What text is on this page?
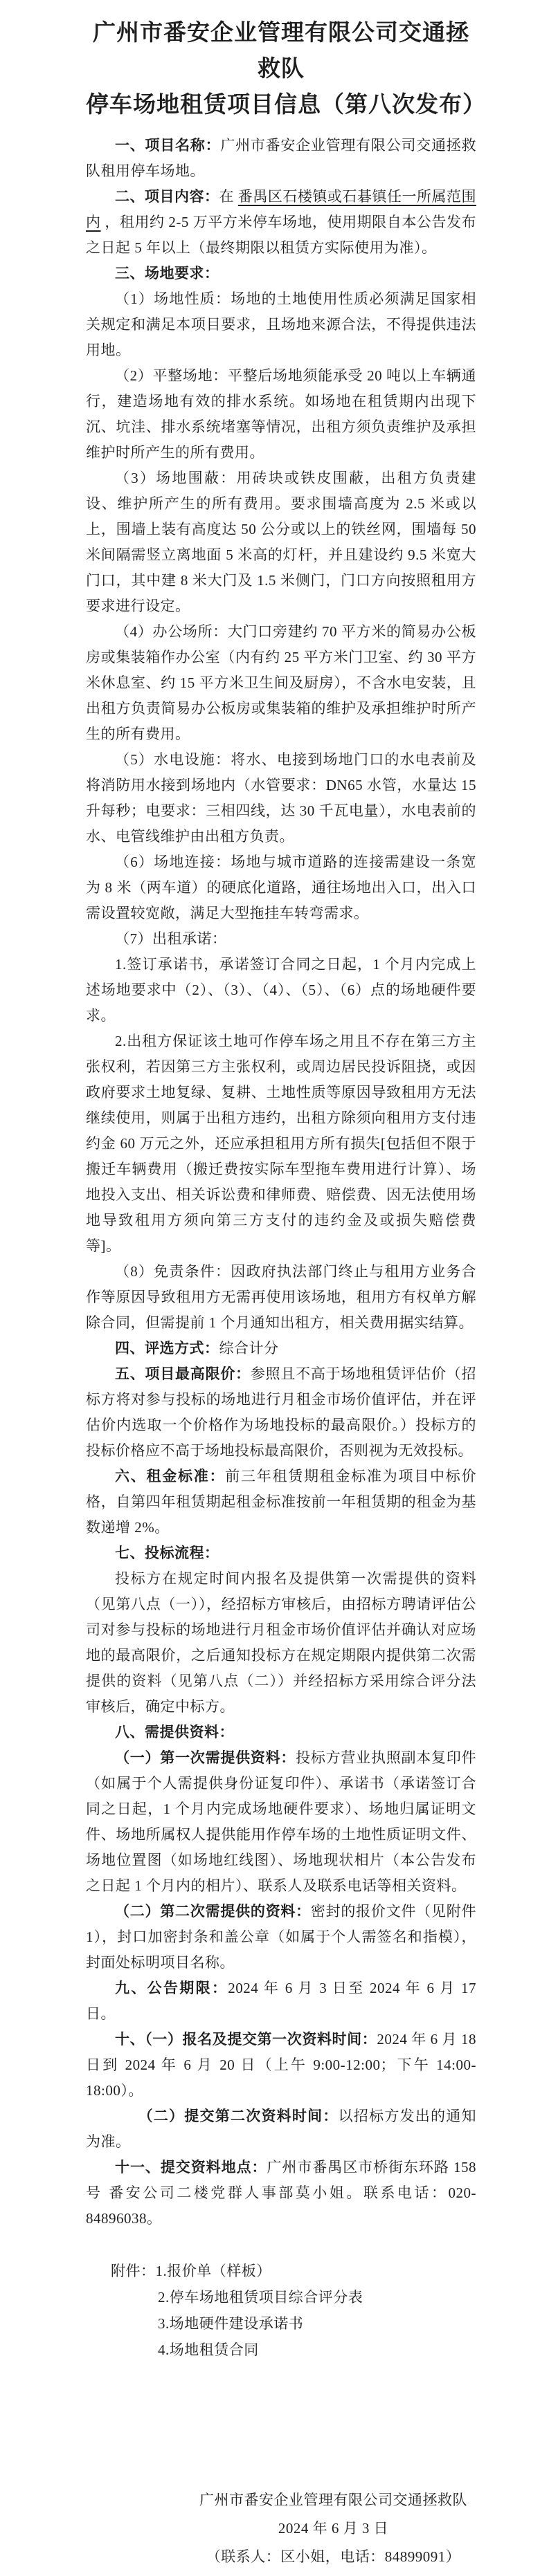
广州市番安企业管理有限公司交通拯救队
停车场地租赁项目信息（第八次发布）

一、项目名称：广州市番安企业管理有限公司交通拯救队租用停车场地。

二、项目内容：在 番禺区石楼镇或石碁镇任一所属范围内 ，租用约 2-5 万平方米停车场地，使用期限自本公告发布之日起 5 年以上（最终期限以租赁方实际使用为准）。

三、场地要求：

（1）场地性质：场地的土地使用性质必须满足国家相关规定和满足本项目要求，且场地来源合法，不得提供违法用地。

（2）平整场地：平整后场地须能承受 20 吨以上车辆通行，建造场地有效的排水系统。如场地在租赁期内出现下沉、坑洼、排水系统堵塞等情况，出租方须负责维护及承担维护时所产生的所有费用。

（3）场地围蔽：用砖块或铁皮围蔽，出租方负责建设、维护所产生的所有费用。要求围墙高度为 2.5 米或以上，围墙上装有高度达 50 公分或以上的铁丝网，围墙每 50 米间隔需竖立离地面 5 米高的灯杆，并且建设约 9.5 米宽大门口，其中建 8 米大门及 1.5 米侧门，门口方向按照租用方要求进行设定。

（4）办公场所：大门口旁建约 70 平方米的简易办公板房或集装箱作办公室（内有约 25 平方米门卫室、约 30 平方米休息室、约 15 平方米卫生间及厨房），不含水电安装，且出租方负责简易办公板房或集装箱的维护及承担维护时所产生的所有费用。

（5）水电设施：将水、电接到场地门口的水电表前及将消防用水接到场地内（水管要求：DN65 水管，水量达 15 升每秒；电要求：三相四线，达 30 千瓦电量），水电表前的水、电管线维护由出租方负责。

（6）场地连接：场地与城市道路的连接需建设一条宽为 8 米（两车道）的硬底化道路，通往场地出入口，出入口需设置较宽敞，满足大型拖挂车转弯需求。

（7）出租承诺：

1.签订承诺书，承诺签订合同之日起，1 个月内完成上述场地要求中（2）、（3）、（4）、（5）、（6）点的场地硬件要求。

2.出租方保证该土地可作停车场之用且不存在第三方主张权利，若因第三方主张权利，或周边居民投诉阻挠，或因政府要求土地复绿、复耕、土地性质等原因导致租用方无法继续使用，则属于出租方违约，出租方除须向租用方支付违约金 60 万元之外，还应承担租用方所有损失[包括但不限于搬迁车辆费用（搬迁费按实际车型拖车费用进行计算）、场地投入支出、相关诉讼费和律师费、赔偿费、因无法使用场地导致租用方须向第三方支付的违约金及或损失赔偿费等]。

（8）免责条件：因政府执法部门终止与租用方业务合作等原因导致租用方无需再使用该场地，租用方有权单方解除合同，但需提前 1 个月通知出租方，相关费用据实结算。

四、评选方式：综合计分

五、项目最高限价：参照且不高于场地租赁评估价（招标方将对参与投标的场地进行月租金市场价值评估，并在评估价内选取一个价格作为场地投标的最高限价。）投标方的投标价格应不高于场地投标最高限价，否则视为无效投标。

六、租金标准：前三年租赁期租金标准为项目中标价格，自第四年租赁期起租金标准按前一年租赁期的租金为基数递增 2%。

七、投标流程：

投标方在规定时间内报名及提供第一次需提供的资料（见第八点（一）），经招标方审核后，由招标方聘请评估公司对参与投标的场地进行月租金市场价值评估并确认对应场地的最高限价，之后通知投标方在规定期限内提供第二次需提供的资料（见第八点（二））并经招标方采用综合评分法审核后，确定中标方。

八、需提供资料：

（一）第一次需提供资料：投标方营业执照副本复印件（如属于个人需提供身份证复印件）、承诺书（承诺签订合同之日起，1 个月内完成场地硬件要求）、场地归属证明文件、场地所属权人提供能用作停车场的土地性质证明文件、场地位置图（如场地红线图）、场地现状相片（本公告发布之日起 1 个月内的相片）、联系人及联系电话等相关资料。

（二）第二次需提供的资料：密封的报价文件（见附件 1），封口加密封条和盖公章（如属于个人需签名和指模），封面处标明项目名称。

九、公告期限：2024 年 6 月 3 日至 2024 年 6 月 17 日。

十、（一）报名及提交第一次资料时间：2024 年 6 月 18 日到 2024 年 6 月 20 日（上午 9:00-12:00；下午 14:00-18:00）。

（二）提交第二次资料时间：以招标方发出的通知为准。

十一、提交资料地点：广州市番禺区市桥街东环路 158 号 番安公司二楼党群人事部莫小姐。联系电话：020-84896038。

附件：1.报价单（样板）
2.停车场地租赁项目综合评分表
3.场地硬件建设承诺书
4.场地租赁合同
广州市番安企业管理有限公司交通拯救队
2024 年 6 月 3 日
（联系人：区小姐，电话：84899091）
